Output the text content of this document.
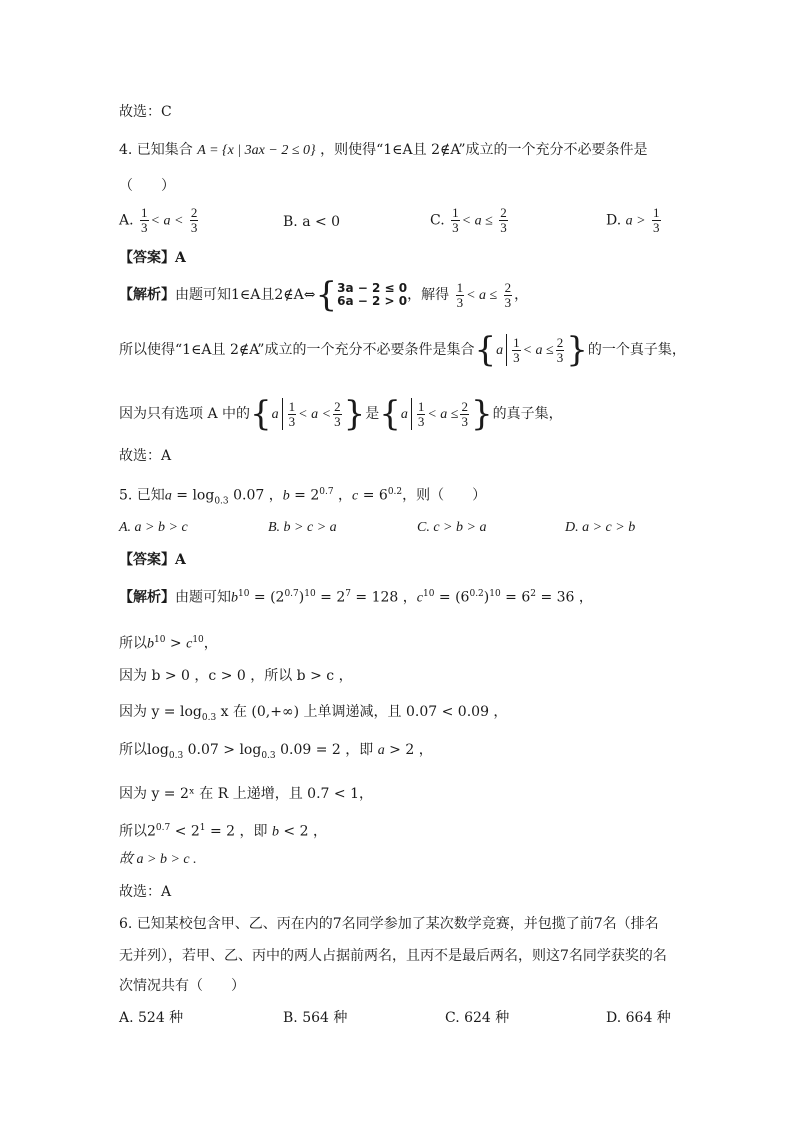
故选：C
4. 已知集合 A = {x | 3ax − 2 ≤ 0} ，则使得“1∈A且 2∉A”成立的一个充分不必要条件是
（　　）
A. $\frac{1}{3} < a < \frac{2}{3}$	B. a < 0	C. $\frac{1}{3} < a \le \frac{2}{3}$	D. $a > \frac{1}{3}$
【答案】A
【解析】由题可知1∈A且2∉A⇔{ 3a − 2 ≤ 0
6a − 2 > 0 ，解得 $\frac{1}{3} < a \le \frac{2}{3}$ ，
所以使得“1∈A且 2∉A”成立的一个充分不必要条件是集合{$a \frac{1}{3} < a \le \frac{2}{3}$ }的一个真子集，
因为只有选项 A 中的{$a \frac{1}{3} < a < \frac{2}{3}$ }是{$a \frac{1}{3} < a \le \frac{2}{3}$ }的真子集，
故选：A
5. 已知$a = \log_{0.3} 0.07$ ，$b = 2^{0.7}$ ，$c = 6^{0.2}$，则（　　）
A. a > b > c	B. b > c > a	C. c > b > a	D. a > c > b
【答案】A
【解析】由题可知$b^{10} = (2^{0.7})^{10} = 2^7 = 128$ ，$c^{10} = (6^{0.2})^{10} = 6^2 = 36$ ，
所以$b^{10} > c^{10}$，
因为 b > 0 ，c > 0 ，所以 b > c ，
因为 $y = \log_{0.3} x$ 在 (0,+∞) 上单调递减，且 0.07 < 0.09 ，
所以$\log_{0.3} 0.07 > \log_{0.3} 0.09 = 2$ ，即 a > 2 ，
因为 y = 2ˣ 在 R 上递增，且 0.7 < 1，
所以$2^{0.7} < 2^1 = 2$ ，即 b < 2 ，
故 a > b > c .
故选：A
6. 已知某校包含甲、乙、丙在内的7名同学参加了某次数学竞赛，并包揽了前7名（排名
无并列），若甲、乙、丙中的两人占据前两名，且丙不是最后两名，则这7名同学获奖的名
次情况共有（　　）
A. 524 种	B. 564 种	C. 624 种	D. 664 种
